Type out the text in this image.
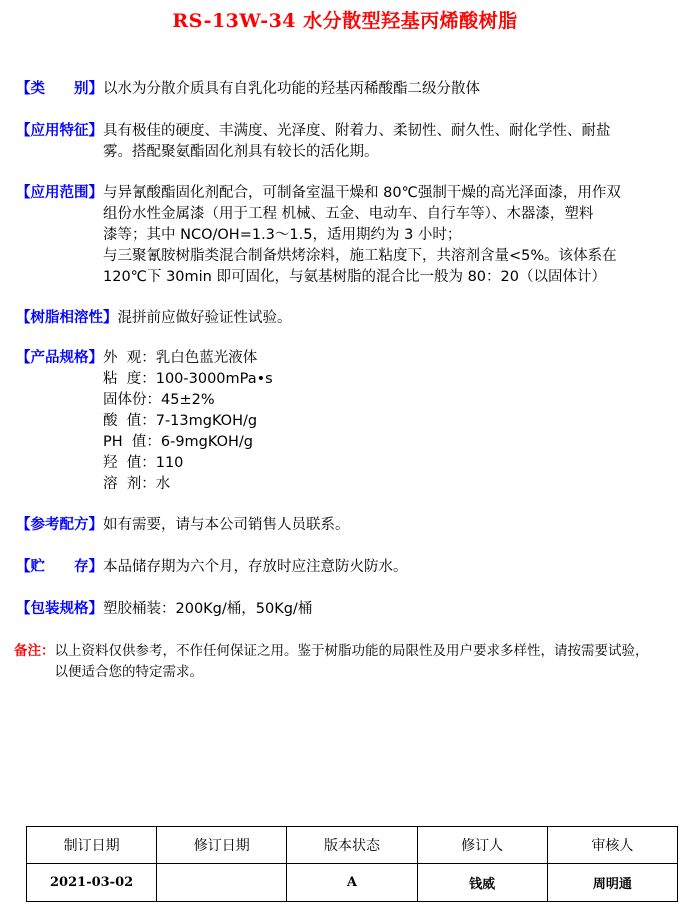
RS-13W-34 水分散型羟基丙烯酸树脂
【类 别】 以水为分散介质具有自乳化功能的羟基丙稀酸酯二级分散体
【应用特征】 具有极佳的硬度、丰满度、光泽度、附着力、柔韧性、耐久性、耐化学性、耐盐
雾。搭配聚氨酯固化剂具有较长的活化期。
【应用范围】 与异氰酸酯固化剂配合，可制备室温干燥和 80℃强制干燥的高光泽面漆，用作双
组份水性金属漆（用于工程 机械、五金、电动车、自行车等）、木器漆，塑料
漆等；其中 NCO/OH=1.3～1.5，适用期约为 3 小时；
与三聚氰胺树脂类混合制备烘烤涂料，施工粘度下，共溶剂含量<5%。该体系在
120℃下 30min 即可固化，与氨基树脂的混合比一般为 80：20（以固体计）
【树脂相溶性】 混拼前应做好验证性试验。
【产品规格】 外  观：乳白色蓝光液体
粘  度：100-3000mPa•s
固体份：45±2%
酸  值：7-13mgKOH/g
PH  值：6-9mgKOH/g
羟  值：110
溶  剂：水
【参考配方】 如有需要，请与本公司销售人员联系。
【贮 存】 本品储存期为六个月，存放时应注意防火防水。
【包装规格】 塑胶桶装：200Kg/桶，50Kg/桶
备注： 以上资料仅供参考，不作任何保证之用。鉴于树脂功能的局限性及用户要求多样性，请按需要试验，
以便适合您的特定需求。
制订日期	修订日期	版本状态	修订人	审核人
2021-03-02		A	钱威	周明通
